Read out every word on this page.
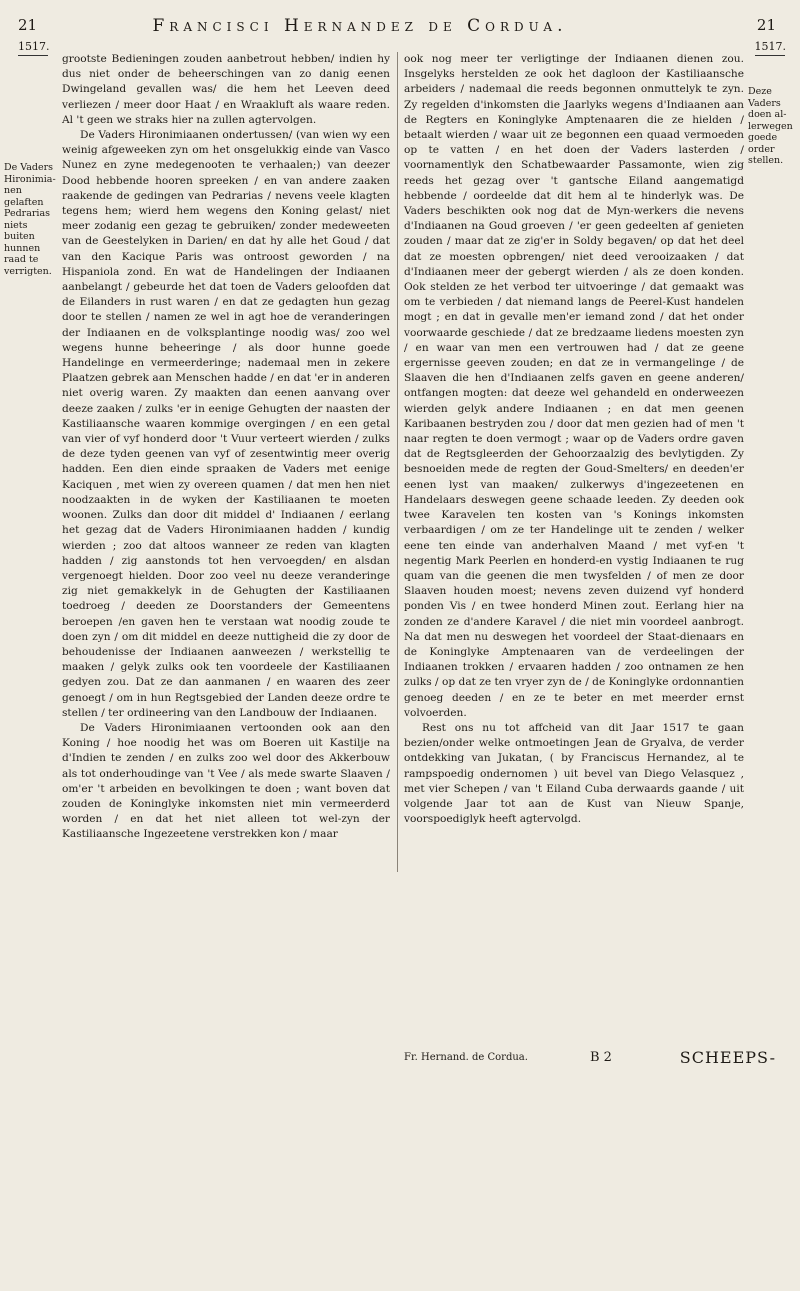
21	Francisci Hernandez de Cordua.	21
1517.	1517.
De Vaders Hironimia-nen gelaften Pedrarias niets buiten hunnen raad te verrigten.
Deze Vaders doen al-lerwegen goede order stellen.

grootste Bedieningen zouden aanbetrout hebben/ indien hy dus niet onder de beheerschingen van zo danig eenen Dwingeland gevallen was/ die hem het Leeven deed verliezen / meer door Haat / en Wraakluft als waare reden. Al 't geen we straks hier na zullen agtervolgen.

De Vaders Hironimiaanen ondertussen/ (van wien wy een weinig afgeweeken zyn om het onsgelukkig einde van Vasco Nunez en zyne medegenooten te verhaalen;) van deezer Dood hebbende hooren spreeken / en van andere zaaken raakende de gedingen van Pedrarias / nevens veele klagten tegens hem; wierd hem wegens den Koning gelast/ niet meer zodanig een gezag te gebruiken/ zonder medeweeten van de Geestelyken in Darien/ en dat hy alle het Goud / dat van den Kacique Paris was ontroost geworden / na Hispaniola zond. En wat de Handelingen der Indiaanen aanbelangt / gebeurde het dat toen de Vaders geloofden dat de Eilanders in rust waren / en dat ze gedagten hun gezag door te stellen / namen ze wel in agt hoe de veranderingen der Indiaanen en de volksplantinge noodig was/ zoo wel wegens hunne beheeringe / als door hunne goede Handelinge en vermeerderinge; nademaal men in zekere Plaatzen gebrek aan Menschen hadde / en dat 'er in anderen niet overig waren. Zy maakten dan eenen aanvang over deeze zaaken / zulks 'er in eenige Gehugten der naasten der Kastiliaansche waaren kommige overgingen / en een getal van vier of vyf honderd door 't Vuur verteert wierden / zulks de deze tyden geenen van vyf of zesentwintig meer overig hadden. Een dien einde spraaken de Vaders met eenige Kaciquen , met wien zy overeen quamen / dat men hen niet noodzaakten in de wyken der Kastiliaanen te moeten woonen. Zulks dan door dit middel d' Indiaanen / eerlang het gezag dat de Vaders Hironimiaanen hadden / kundig wierden ; zoo dat altoos wanneer ze reden van klagten hadden / zig aanstonds tot hen vervoegden/ en alsdan vergenoegt hielden. Door zoo veel nu deeze veranderinge zig niet gemakkelyk in de Gehugten der Kastiliaanen toedroeg / deeden ze Doorstanders der Gemeentens beroepen /en gaven hen te verstaan wat noodig zoude te doen zyn / om dit middel en deeze nuttigheid die zy door de behoudenisse der Indiaanen aanweezen / werkstellig te maaken / gelyk zulks ook ten voordeele der Kastiliaanen gedyen zou. Dat ze dan aanmanen / en waaren des zeer genoegt / om in hun Regtsgebied der Landen deeze ordre te stellen / ter ordineering van den Landbouw der Indiaanen.

De Vaders Hironimiaanen vertoonden ook aan den Koning / hoe noodig het was om Boeren uit Kastilje na d'Indien te zenden / en zulks zoo wel door des Akkerbouw als tot onderhoudinge van 't Vee / als mede swarte Slaaven / om'er 't arbeiden en bevolkingen te doen ; want boven dat zouden de Koninglyke inkomsten niet min vermeerderd worden / en dat het niet alleen tot wel-zyn der Kastiliaansche Ingezeetene verstrekken kon / maar

ook nog meer ter verligtinge der Indiaanen dienen zou. Insgelyks herstelden ze ook het dagloon der Kastiliaansche arbeiders / nademaal die reeds begonnen onmuttelyk te zyn. Zy regelden d'inkomsten die Jaarlyks wegens d'Indiaanen aan de Regters en Koninglyke Amptenaaren die ze hielden / betaalt wierden / waar uit ze begonnen een quaad vermoeden op te vatten / en het doen der Vaders lasterden / voornamentlyk den Schatbewaarder Passamonte, wien zig reeds het gezag over 't gantsche Eiland aangematigd hebbende / oordeelde dat dit hem al te hinderlyk was. De Vaders beschikten ook nog dat de Myn-werkers die nevens d'Indiaanen na Goud groeven / 'er geen gedeelten af genieten zouden / maar dat ze zig'er in Soldy begaven/ op dat het deel dat ze moesten opbrengen/ niet deed verooizaaken / dat d'Indiaanen meer der gebergt wierden / als ze doen konden. Ook stelden ze het verbod ter uitvoeringe / dat gemaakt was om te verbieden / dat niemand langs de Peerel-Kust handelen mogt ; en dat in gevalle men'er iemand zond / dat het onder voorwaarde geschiede / dat ze bredzaame liedens moesten zyn / en waar van men een vertrouwen had / dat ze geene ergernisse geeven zouden; en dat ze in vermangelinge / de Slaaven die hen d'Indiaanen zelfs gaven en geene anderen/ ontfangen mogten: dat deeze wel gehandeld en onderweezen wierden gelyk andere Indiaanen ; en dat men geenen Karibaanen bestryden zou / door dat men gezien had of men 't naar regten te doen vermogt ; waar op de Vaders ordre gaven dat de Regtsgleerden der Gehoorzaalzig des bevlytigden. Zy besnoeiden mede de regten der Goud-Smelters/ en deeden'er eenen lyst van maaken/ zulkerwys d'ingezeetenen en Handelaars deswegen geene schaade leeden. Zy deeden ook twee Karavelen ten kosten van 's Konings inkomsten verbaardigen / om ze ter Handelinge uit te zenden / welker eene ten einde van anderhalven Maand / met vyf-en 't negentig Mark Peerlen en honderd-en vystig Indiaanen te rug quam van die geenen die men twysfelden / of men ze door Slaaven houden moest; nevens zeven duizend vyf honderd ponden Vis / en twee honderd Minen zout. Eerlang hier na zonden ze d'andere Karavel / die niet min voordeel aanbrogt. Na dat men nu deswegen het voordeel der Staat-dienaars en de Koninglyke Amptenaaren van de verdeelingen der Indiaanen trokken / ervaaren hadden / zoo ontnamen ze hen zulks / op dat ze ten vryer zyn de / de Koninglyke ordonnantien genoeg deeden / en ze te beter en met meerder ernst volvoerden.

Rest ons nu tot affcheid van dit Jaar 1517 te gaan bezien/onder welke ontmoetingen Jean de Gryalva, de verder ontdekking van Jukatan, ( by Franciscus Hernandez, al te rampspoedig ondernomen ) uit bevel van Diego Velasquez , met vier Schepen / van 't Eiland Cuba derwaards gaande / uit volgende Jaar tot aan de Kust van Nieuw Spanje, voorspoediglyk heeft agtervolgd.

Fr. Hernand. de Cordua.	B 2	SCHEEPS-
